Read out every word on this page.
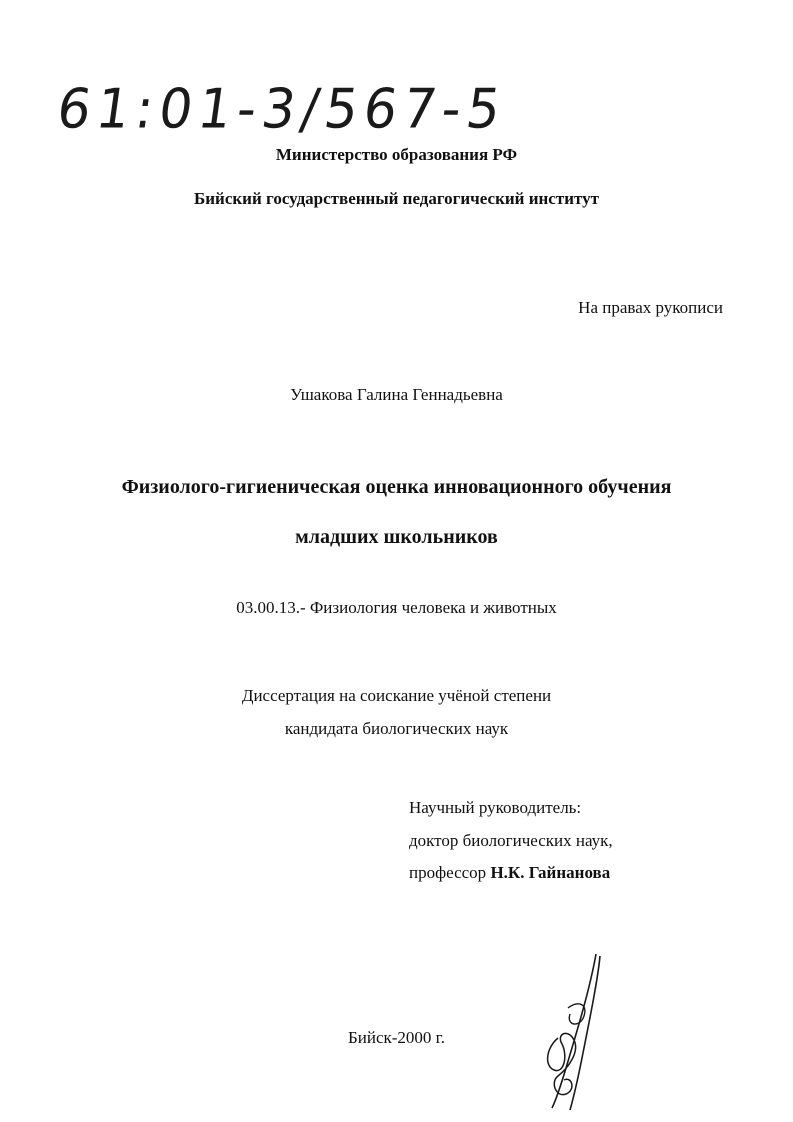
61:01-3/567-5
Министерство образования РФ
Бийский государственный педагогический институт
На правах рукописи
Ушакова Галина Геннадьевна
Физиолого-гигиеническая оценка инновационного обучения
младших школьников
03.00.13.- Физиология человека и животных
Диссертация на соискание учёной степени
кандидата биологических наук
Научный руководитель:
доктор биологических наук,
профессор Н.К. Гайнанова
Бийск-2000 г.
